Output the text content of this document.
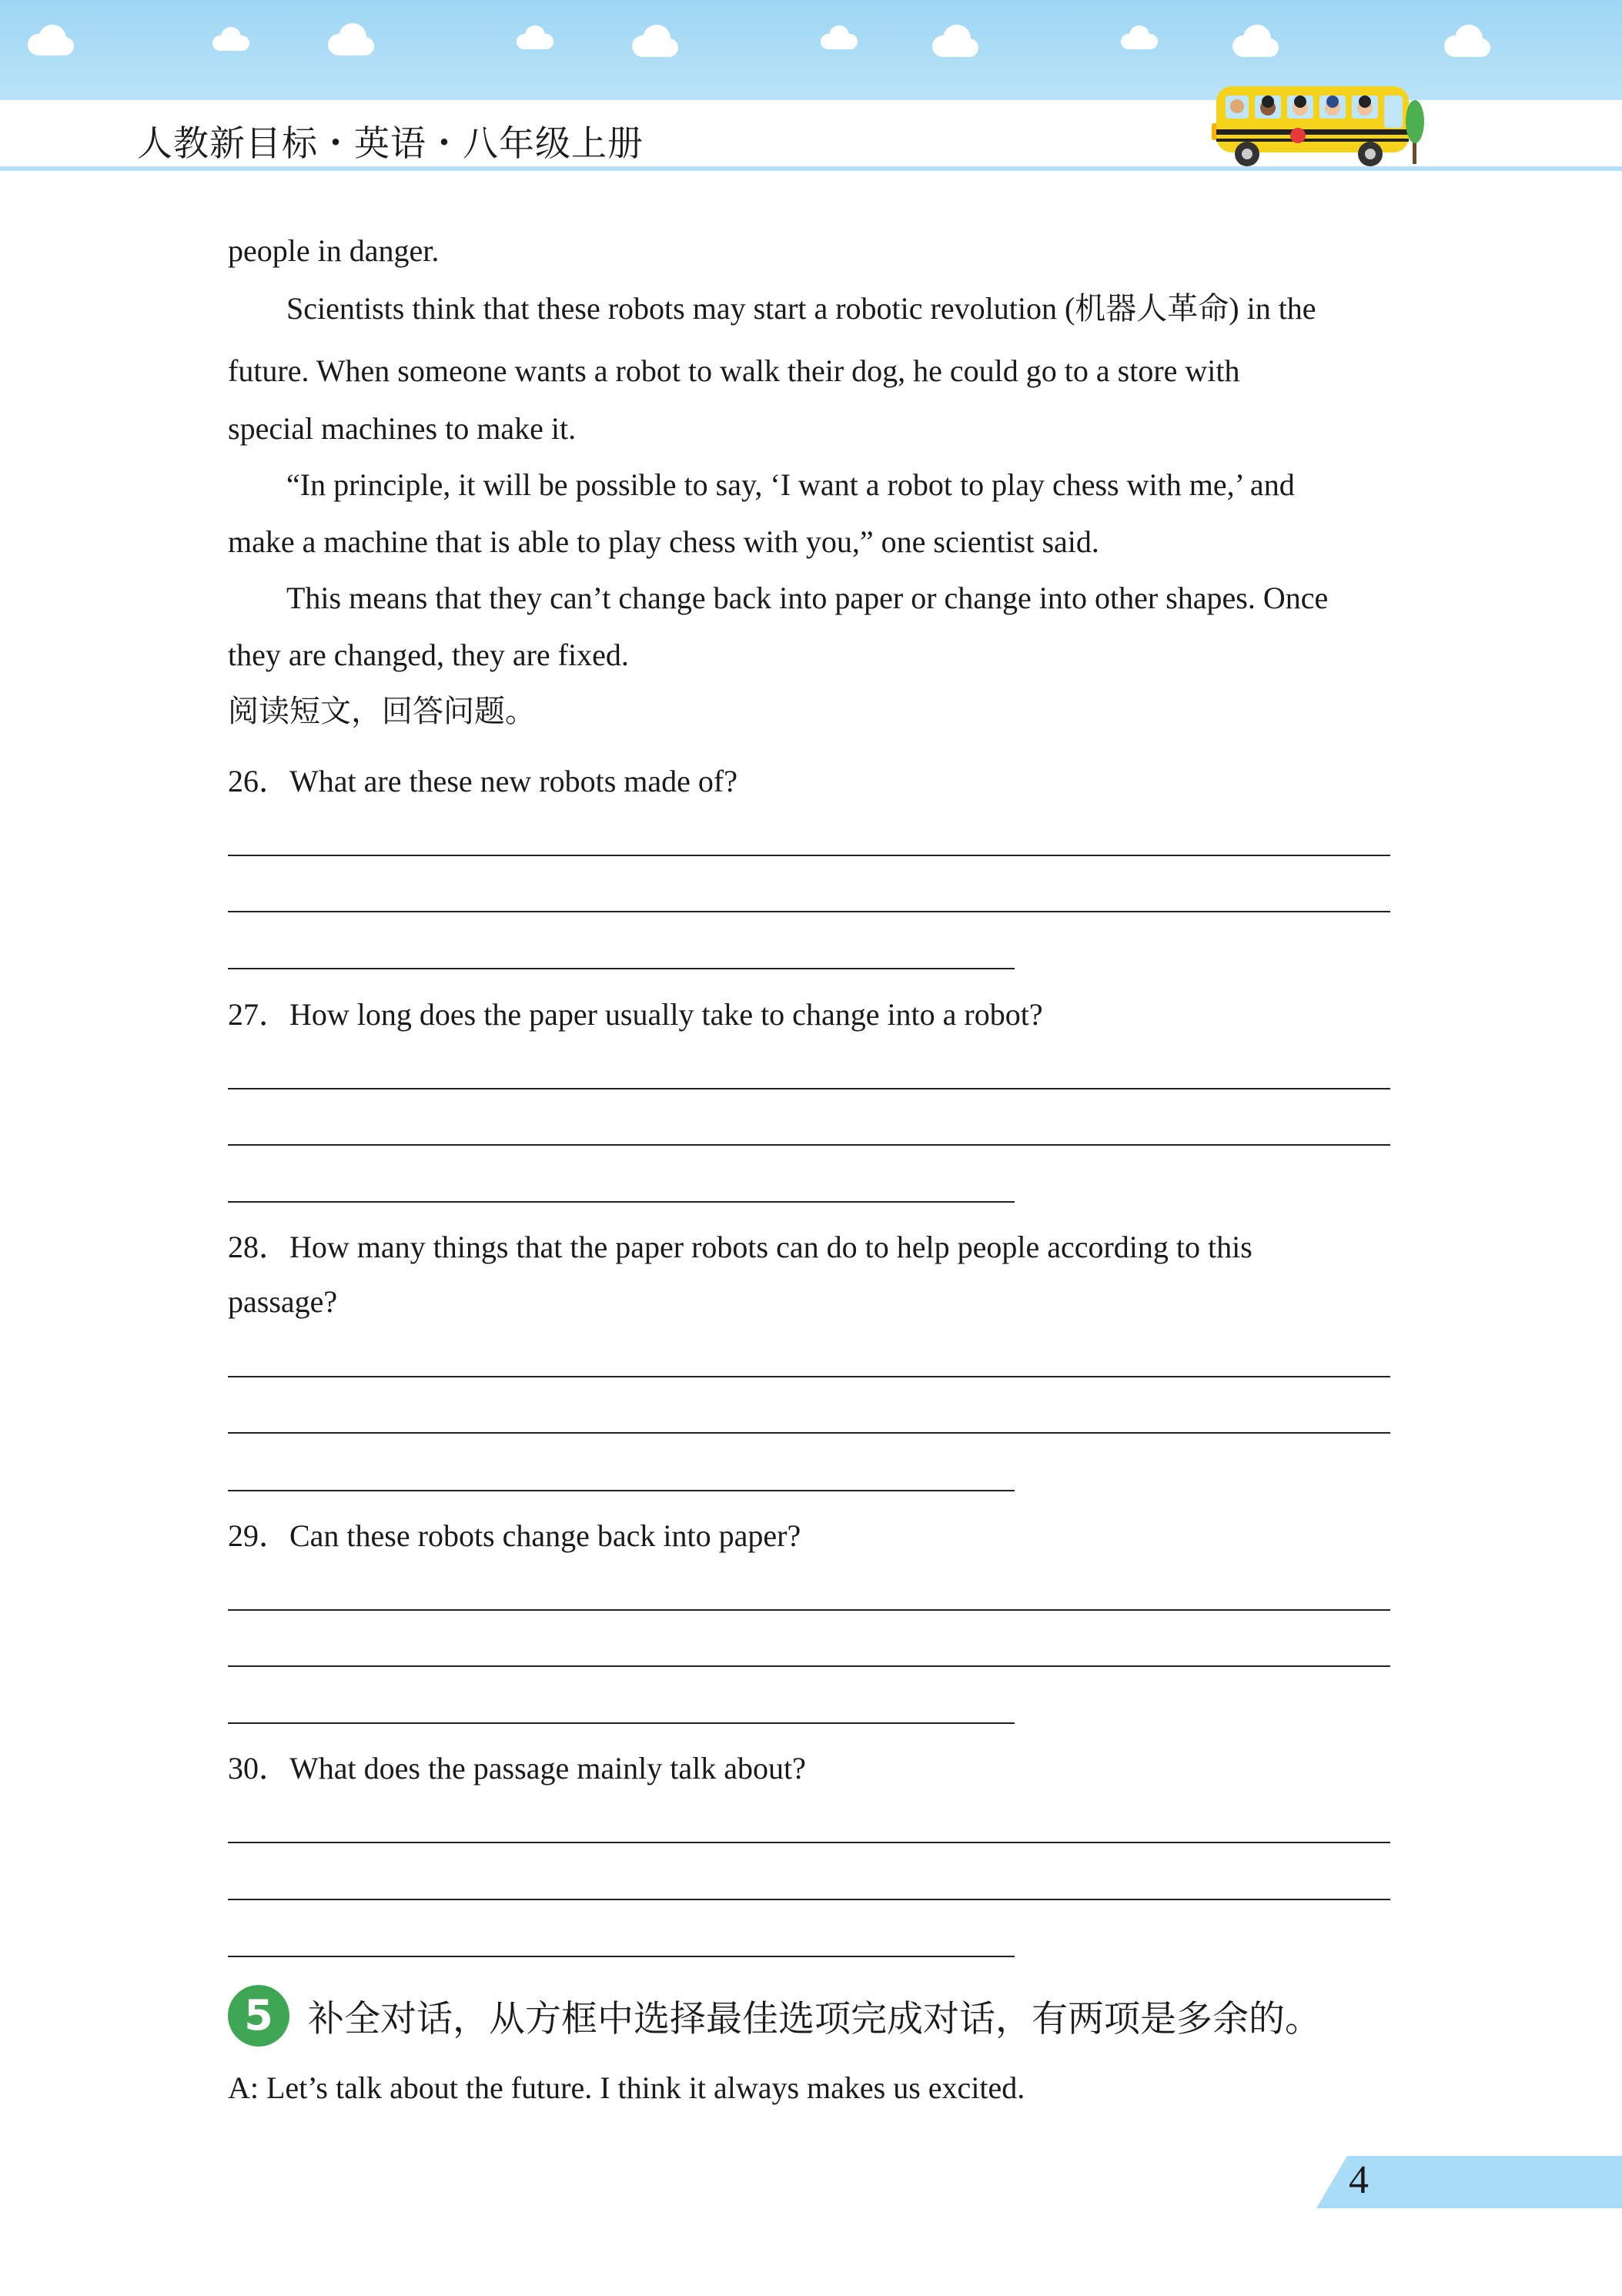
人教新目标・英语・八年级上册
people in danger.
Scientists think that these robots may start a robotic revolution (机器人革命) in the
future. When someone wants a robot to walk their dog, he could go to a store with
special machines to make it.
“In principle, it will be possible to say, ‘I want a robot to play chess with me,’ and
make a machine that is able to play chess with you,” one scientist said.
This means that they can’t change back into paper or change into other shapes. Once
they are changed, they are fixed.
阅读短文，回答问题。
26．What are these new robots made of?
27．How long does the paper usually take to change into a robot?
28．How many things that the paper robots can do to help people according to this
passage?
29．Can these robots change back into paper?
30．What does the passage mainly talk about?
5 补全对话，从方框中选择最佳选项完成对话，有两项是多余的。
A: Let’s talk about the future. I think it always makes us excited.
4
